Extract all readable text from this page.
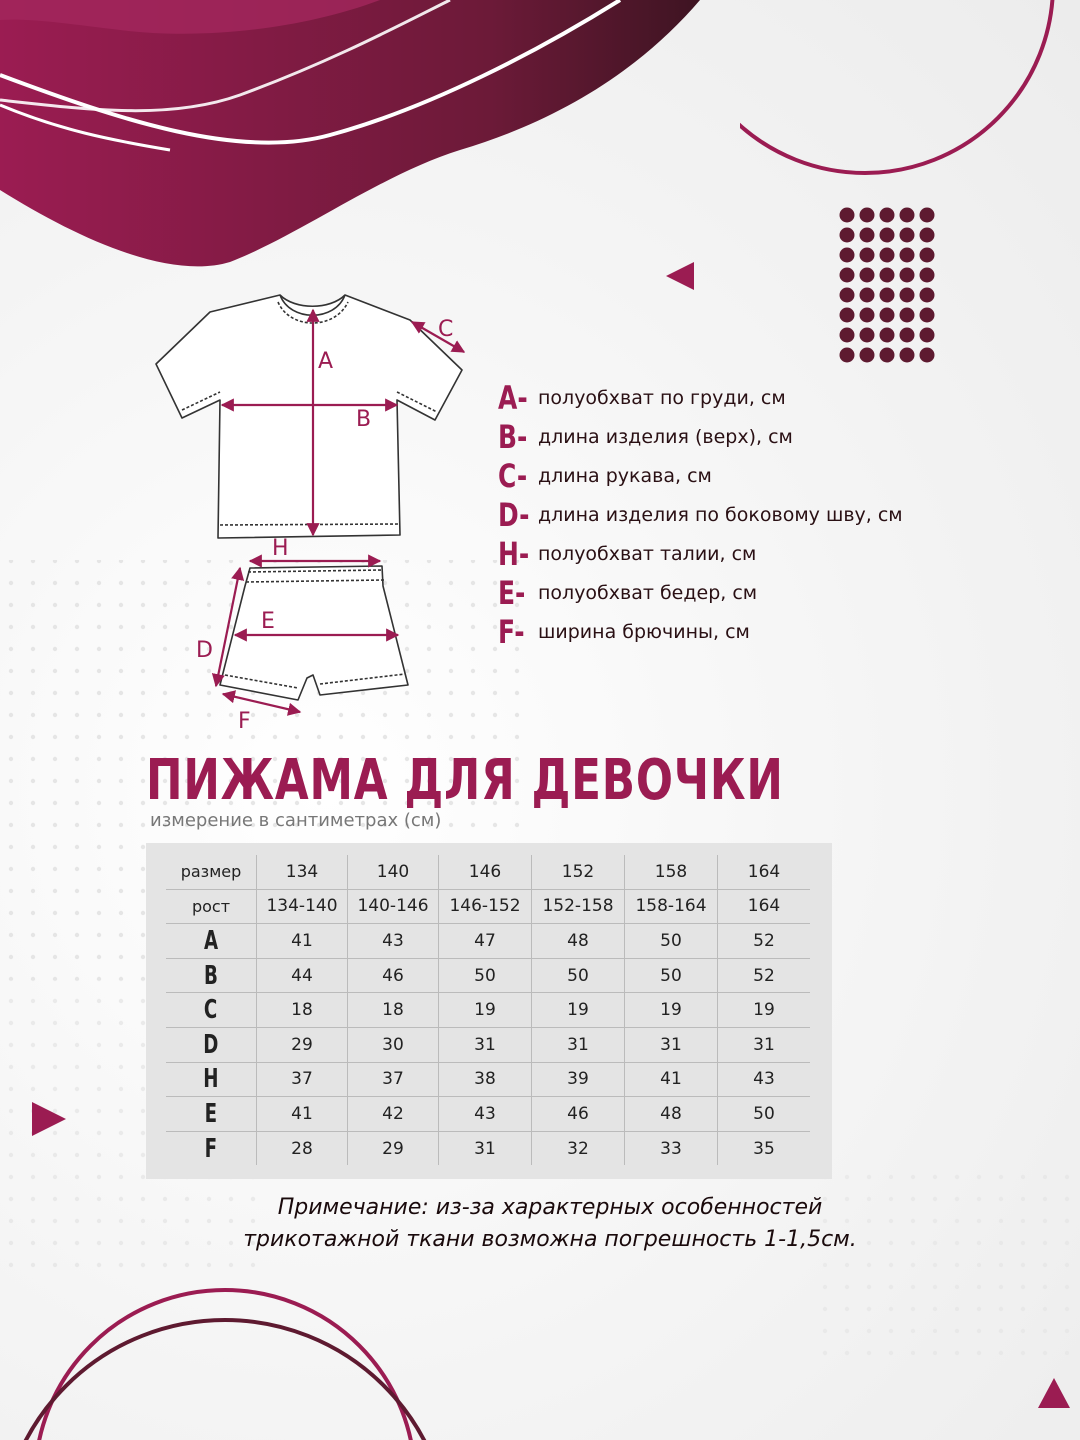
A
B
C
H
E
D
F
A- полуобхват по груди, см
B- длина изделия (верх), см
C- длина рукава, см
D- длина изделия по боковому шву, см
H- полуобхват талии, см
E- полуобхват бедер, см
F- ширина брючины, см
ПИЖАМА ДЛЯ ДЕВОЧКИ
измерение в сантиметрах (см)
размер	134	140	146	152	158	164
рост	134-140	140-146	146-152	152-158	158-164	164
A	41	43	47	48	50	52
B	44	46	50	50	50	52
C	18	18	19	19	19	19
D	29	30	31	31	31	31
H	37	37	38	39	41	43
E	41	42	43	46	48	50
F	28	29	31	32	33	35
Примечание: из-за характерных особенностей
трикотажной ткани возможна погрешность 1-1,5см.
